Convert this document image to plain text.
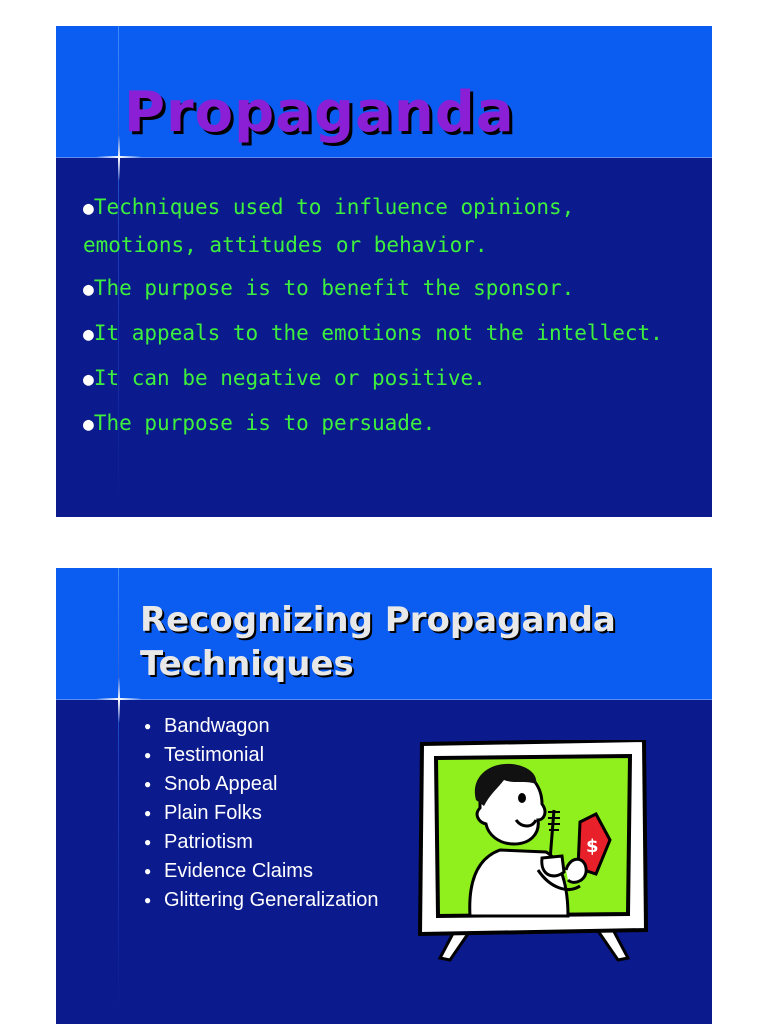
Propaganda
●Techniques used to influence opinions, emotions, attitudes or behavior.
●The purpose is to benefit the sponsor.
●It appeals to the emotions not the intellect.
●It can be negative or positive.
●The purpose is to persuade.
Recognizing Propaganda
Techniques
● Bandwagon
● Testimonial
● Snob Appeal
● Plain Folks
● Patriotism
● Evidence Claims
● Glittering Generalization
$
